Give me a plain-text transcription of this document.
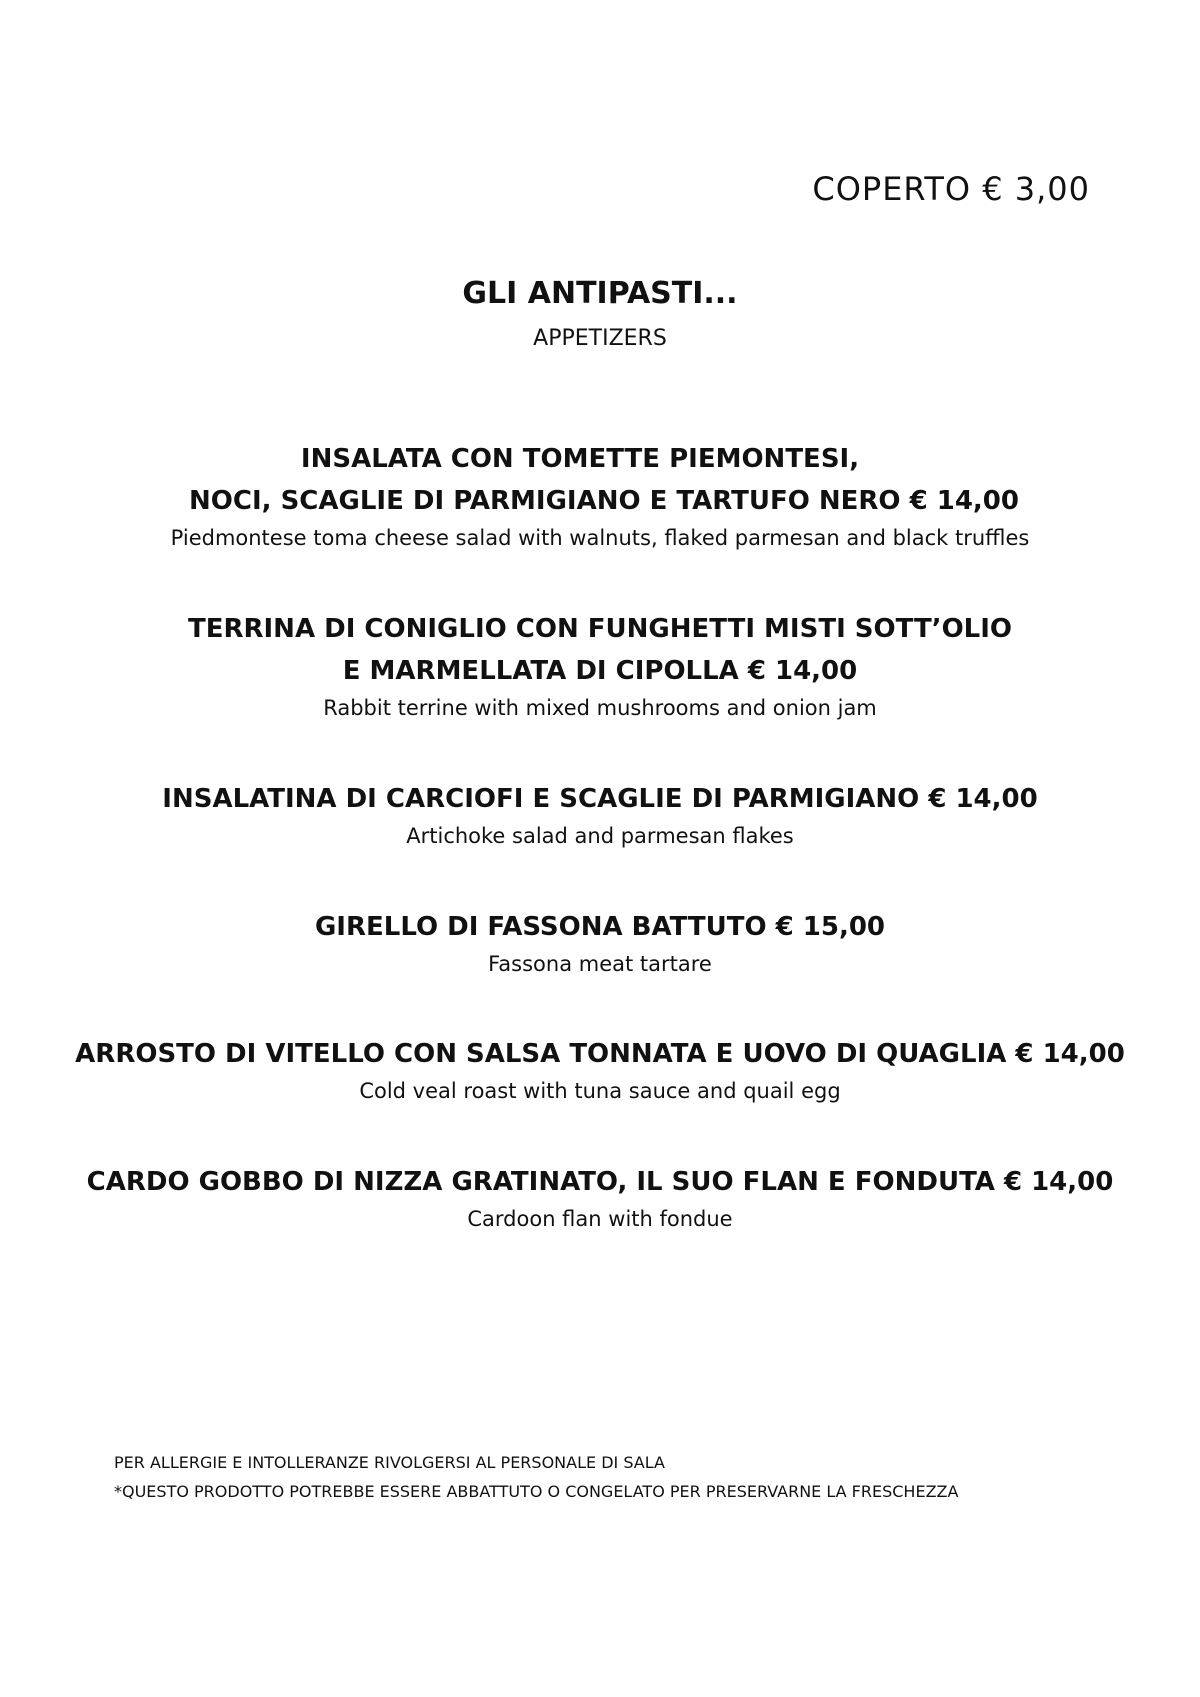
COPERTO € 3,00
GLI ANTIPASTI...
APPETIZERS
INSALATA CON TOMETTE PIEMONTESI,
NOCI, SCAGLIE DI PARMIGIANO E TARTUFO NERO € 14,00
Piedmontese toma cheese salad with walnuts, flaked parmesan and black truffles
TERRINA DI CONIGLIO CON FUNGHETTI MISTI SOTT’OLIO
E MARMELLATA DI CIPOLLA € 14,00
Rabbit terrine with mixed mushrooms and onion jam
INSALATINA DI CARCIOFI E SCAGLIE DI PARMIGIANO € 14,00
Artichoke salad and parmesan flakes
GIRELLO DI FASSONA BATTUTO € 15,00
Fassona meat tartare
ARROSTO DI VITELLO CON SALSA TONNATA E UOVO DI QUAGLIA € 14,00
Cold veal roast with tuna sauce and quail egg
CARDO GOBBO DI NIZZA GRATINATO, IL SUO FLAN E FONDUTA € 14,00
Cardoon flan with fondue
PER ALLERGIE E INTOLLERANZE RIVOLGERSI AL PERSONALE DI SALA
*QUESTO PRODOTTO POTREBBE ESSERE ABBATTUTO O CONGELATO PER PRESERVARNE LA FRESCHEZZA
